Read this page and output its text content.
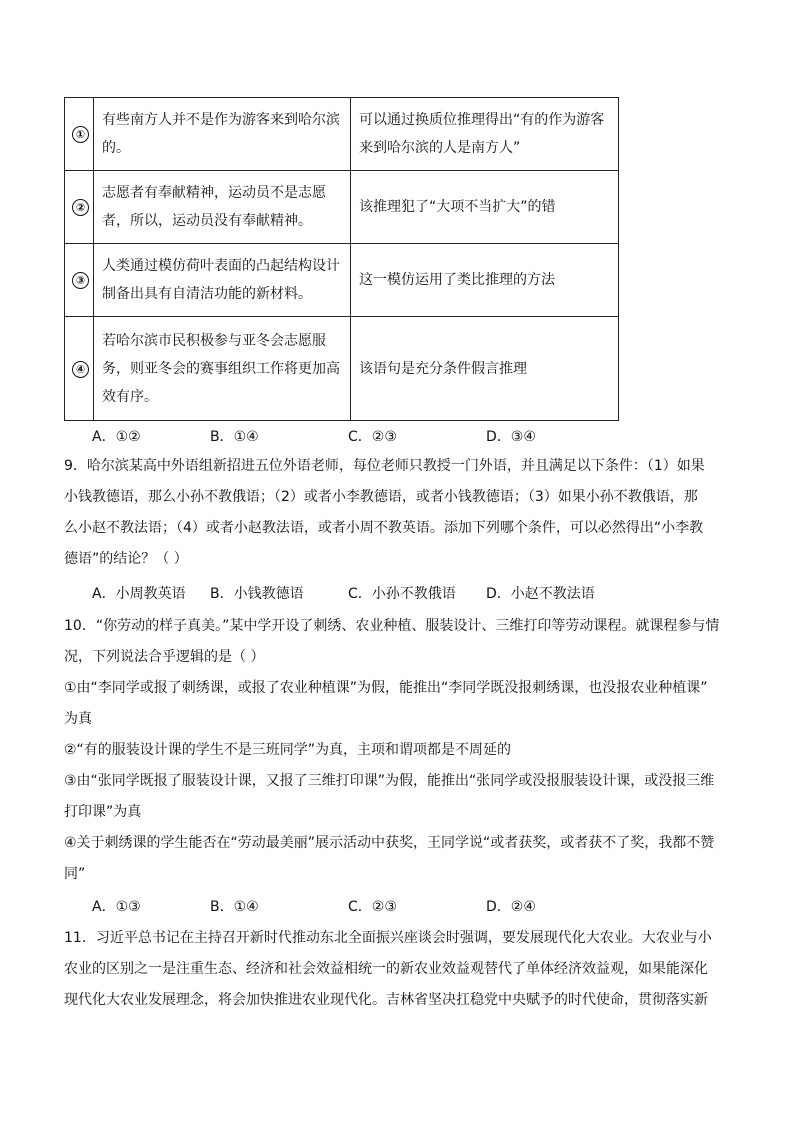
①	有些南方人并不是作为游客来到哈尔滨的。	可以通过换质位推理得出“有的作为游客来到哈尔滨的人是南方人”
②	志愿者有奉献精神，运动员不是志愿者，所以，运动员没有奉献精神。	该推理犯了“大项不当扩大”的错
③	人类通过模仿荷叶表面的凸起结构设计制备出具有自清洁功能的新材料。	这一模仿运用了类比推理的方法
④	若哈尔滨市民积极参与亚冬会志愿服务，则亚冬会的赛事组织工作将更加高效有序。	该语句是充分条件假言推理
A．①②	B．①④	C．②③	D．③④
9．哈尔滨某高中外语组新招进五位外语老师，每位老师只教授一门外语，并且满足以下条件：（1）如果
小钱教德语，那么小孙不教俄语；（2）或者小李教德语，或者小钱教德语；（3）如果小孙不教俄语，那
么小赵不教法语；（4）或者小赵教法语，或者小周不教英语。添加下列哪个条件，可以必然得出“小李教
德语”的结论？（ ）
A．小周教英语 B．小钱教德语	C．小孙不教俄语 D．小赵不教法语
10．“你劳动的样子真美。”某中学开设了刺绣、农业种植、服装设计、三维打印等劳动课程。就课程参与情
况，下列说法合乎逻辑的是（ ）
①由“李同学或报了刺绣课，或报了农业种植课”为假，能推出“李同学既没报刺绣课，也没报农业种植课”
为真
②“有的服装设计课的学生不是三班同学”为真，主项和谓项都是不周延的
③由“张同学既报了服装设计课，又报了三维打印课”为假，能推出“张同学或没报服装设计课，或没报三维
打印课”为真
④关于刺绣课的学生能否在“劳动最美丽”展示活动中获奖，王同学说“或者获奖，或者获不了奖，我都不赞
同”
A．①③	B．①④	C．②③	D．②④
11．习近平总书记在主持召开新时代推动东北全面振兴座谈会时强调，要发展现代化大农业。大农业与小
农业的区别之一是注重生态、经济和社会效益相统一的新农业效益观替代了单体经济效益观，如果能深化
现代化大农业发展理念，将会加快推进农业现代化。吉林省坚决扛稳党中央赋予的时代使命，贯彻落实新
